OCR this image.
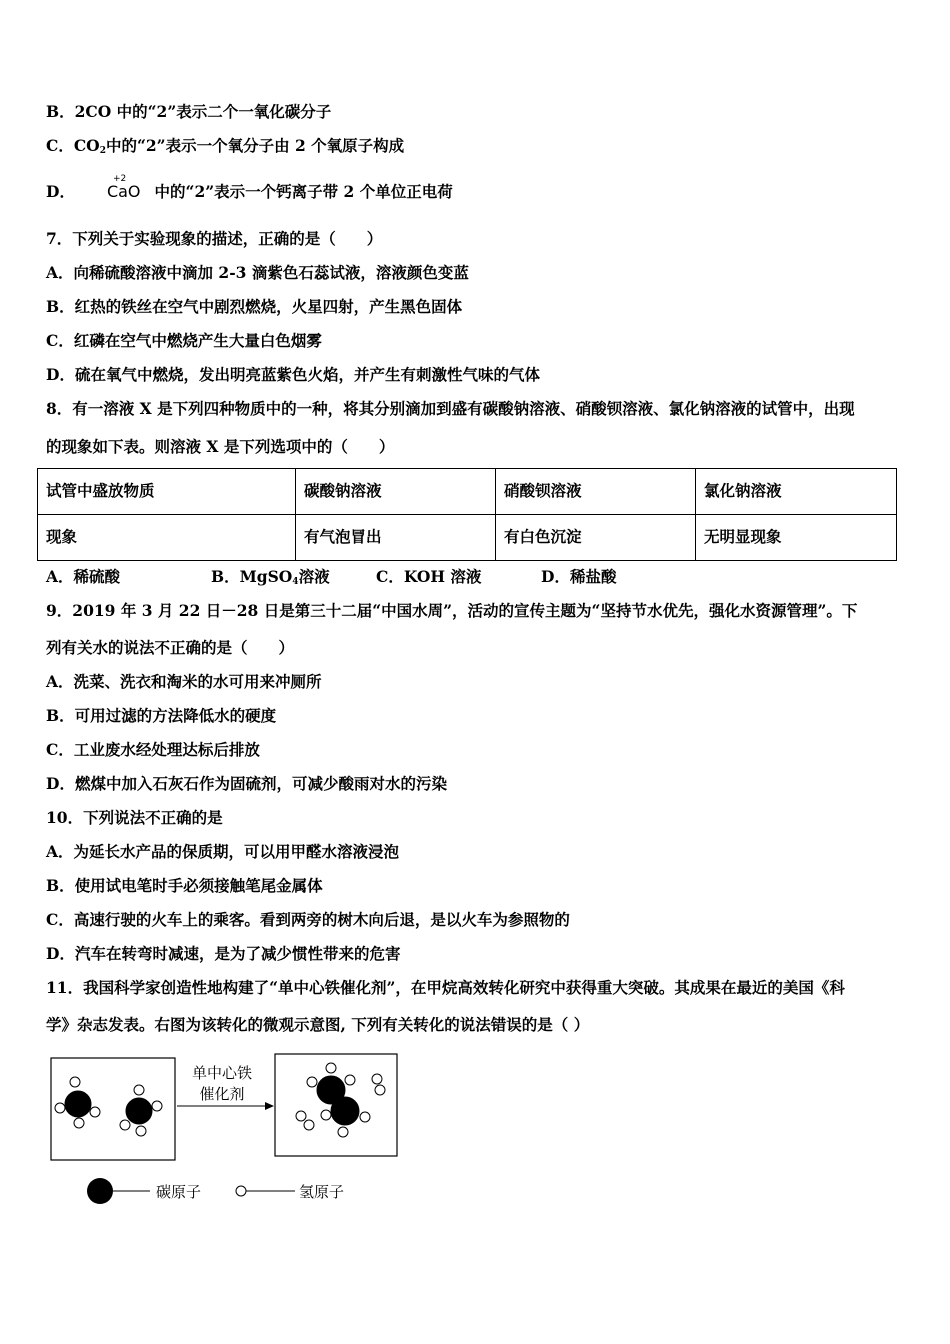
B．2CO 中的“2”表示二个一氧化碳分子
C．$CO_2$中的“2”表示一个氧分子由 2 个氧原子构成
D．
+2
CaO 中的“2”表示一个钙离子带 2 个单位正电荷
7．下列关于实验现象的描述，正确的是（　　）
A．向稀硫酸溶液中滴加 2-3 滴紫色石蕊试液，溶液颜色变蓝
B．红热的铁丝在空气中剧烈燃烧，火星四射，产生黑色固体
C．红磷在空气中燃烧产生大量白色烟雾
D．硫在氧气中燃烧，发出明亮蓝紫色火焰，并产生有刺激性气味的气体
8．有一溶液 X 是下列四种物质中的一种，将其分别滴加到盛有碳酸钠溶液、硝酸钡溶液、氯化钠溶液的试管中，出现
的现象如下表。则溶液 X 是下列选项中的（　　）
试管中盛放物质	碳酸钠溶液	硝酸钡溶液	氯化钠溶液
现象	有气泡冒出	有白色沉淀	无明显现象
A．稀硫酸	B．MgSO$_4$溶液	C．KOH 溶液	D．稀盐酸
9．2019 年 3 月 22 日－28 日是第三十二届“中国水周”，活动的宣传主题为“坚持节水优先，强化水资源管理”。下
列有关水的说法不正确的是（　　）
A．洗菜、洗衣和淘米的水可用来冲厕所
B．可用过滤的方法降低水的硬度
C．工业废水经处理达标后排放
D．燃煤中加入石灰石作为固硫剂，可减少酸雨对水的污染
10．下列说法不正确的是
A．为延长水产品的保质期，可以用甲醛水溶液浸泡
B．使用试电笔时手必须接触笔尾金属体
C．高速行驶的火车上的乘客。看到两旁的树木向后退，是以火车为参照物的
D．汽车在转弯时减速，是为了减少惯性带来的危害
11．我国科学家创造性地构建了“单中心铁催化剂”，在甲烷高效转化研究中获得重大突破。其成果在最近的美国《科
学》杂志发表。右图为该转化的微观示意图, 下列有关转化的说法错误的是（ ）
单中心铁
催化剂
碳原子	氢原子
